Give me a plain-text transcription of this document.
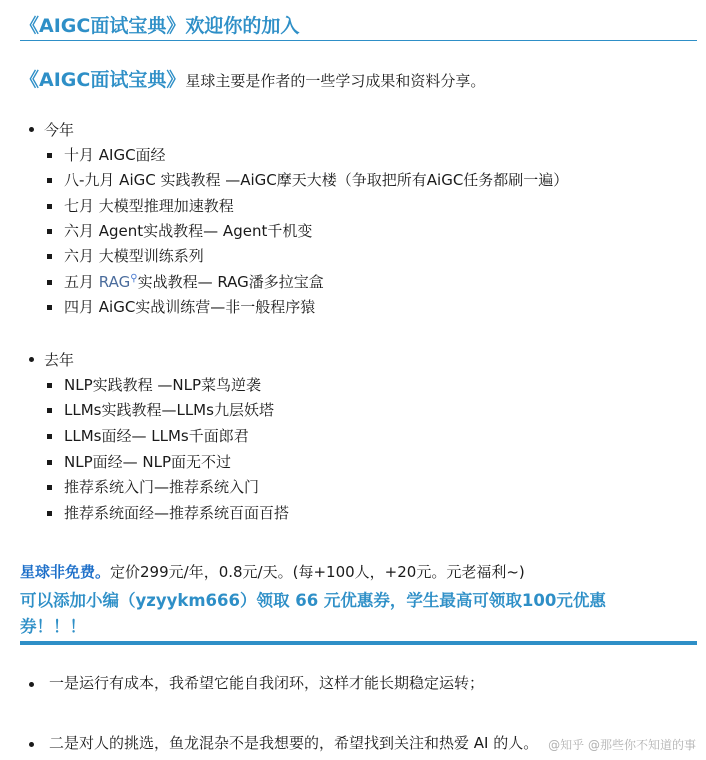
《AIGC面试宝典》欢迎你的加入
《AIGC面试宝典》星球主要是作者的一些学习成果和资料分享。
今年
十月 AIGC面经
八-九月 AiGC 实践教程 —AiGC摩天大楼（争取把所有AiGC任务都刷一遍）
七月 大模型推理加速教程
六月 Agent实战教程— Agent千机变
六月 大模型训练系列
五月 RAG⚲实战教程— RAG潘多拉宝盒
四月 AiGC实战训练营—非一般程序猿
去年
NLP实践教程 —NLP菜鸟逆袭
LLMs实践教程—LLMs九层妖塔
LLMs面经— LLMs千面郎君
NLP面经— NLP面无不过
推荐系统入门—推荐系统入门
推荐系统面经—推荐系统百面百搭
星球非免费。定价299元/年，0.8元/天。(每+100人，+20元。元老福利~)

可以添加小编（yzyykm666）领取 66 元优惠券，学生最高可领取100元优惠券！！！

一是运行有成本，我希望它能自我闭环，这样才能长期稳定运转；
二是对人的挑选，鱼龙混杂不是我想要的，希望找到关注和热爱 AI 的人。 @知乎 @那些你不知道的事
